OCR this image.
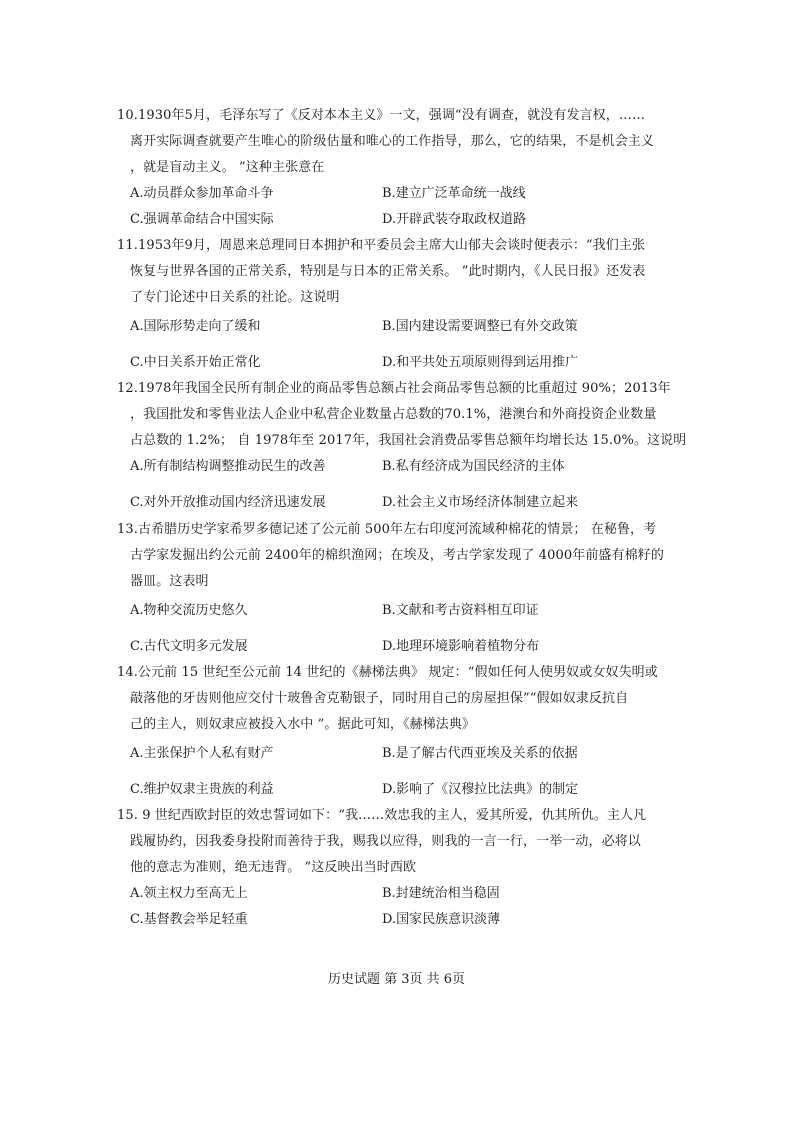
10.1930年5月，毛泽东写了《反对本本主义》一文，强调“没有调查，就没有发言权，……
离开实际调查就要产生唯心的阶级估量和唯心的工作指导，那么，它的结果，不是机会主义
，就是盲动主义。 ”这种主张意在
A.动员群众参加革命斗争	B.建立广泛革命统一战线
C.强调革命结合中国实际	D.开辟武装夺取政权道路
11.1953年9月，周恩来总理同日本拥护和平委员会主席大山郁夫会谈时便表示：“我们主张
恢复与世界各国的正常关系，特别是与日本的正常关系。 ”此时期内，《人民日报》还发表
了专门论述中日关系的社论。这说明
A.国际形势走向了缓和	B.国内建设需要调整已有外交政策
C.中日关系开始正常化	D.和平共处五项原则得到运用推广
12.1978年我国全民所有制企业的商品零售总额占社会商品零售总额的比重超过 90%；2013年
，我国批发和零售业法人企业中私营企业数量占总数的70.1%，港澳台和外商投资企业数量
占总数的 1.2%； 自 1978年至 2017年，我国社会消费品零售总额年均增长达 15.0%。这说明
A.所有制结构调整推动民生的改善	B.私有经济成为国民经济的主体
C.对外开放推动国内经济迅速发展	D.社会主义市场经济体制建立起来
13.古希腊历史学家希罗多德记述了公元前 500年左右印度河流域种棉花的情景； 在秘鲁，考
古学家发掘出约公元前 2400年的棉织渔网；在埃及，考古学家发现了 4000年前盛有棉籽的
器皿。这表明
A.物种交流历史悠久	B.文献和考古资料相互印证
C.古代文明多元发展	D.地理环境影响着植物分布
14.公元前 15 世纪至公元前 14 世纪的《赫梯法典》 规定：“假如任何人使男奴或女奴失明或
敲落他的牙齿则他应交付十玻鲁舍克勒银子，同时用自己的房屋担保”“假如奴隶反抗自
己的主人，则奴隶应被投入水中 ”。据此可知，《赫梯法典》
A.主张保护个人私有财产	B.是了解古代西亚埃及关系的依据
C.维护奴隶主贵族的利益	D.影响了《汉穆拉比法典》的制定
15. 9 世纪西欧封臣的效忠誓词如下：“我……效忠我的主人，爱其所爱，仇其所仇。主人凡
践履协约，因我委身投附而善待于我，赐我以应得，则我的一言一行，一举一动，必将以
他的意志为准则，绝无违背。 ”这反映出当时西欧
A.领主权力至高无上	B.封建统治相当稳固
C.基督教会举足轻重	D.国家民族意识淡薄
历史试题 第 3页 共 6页
